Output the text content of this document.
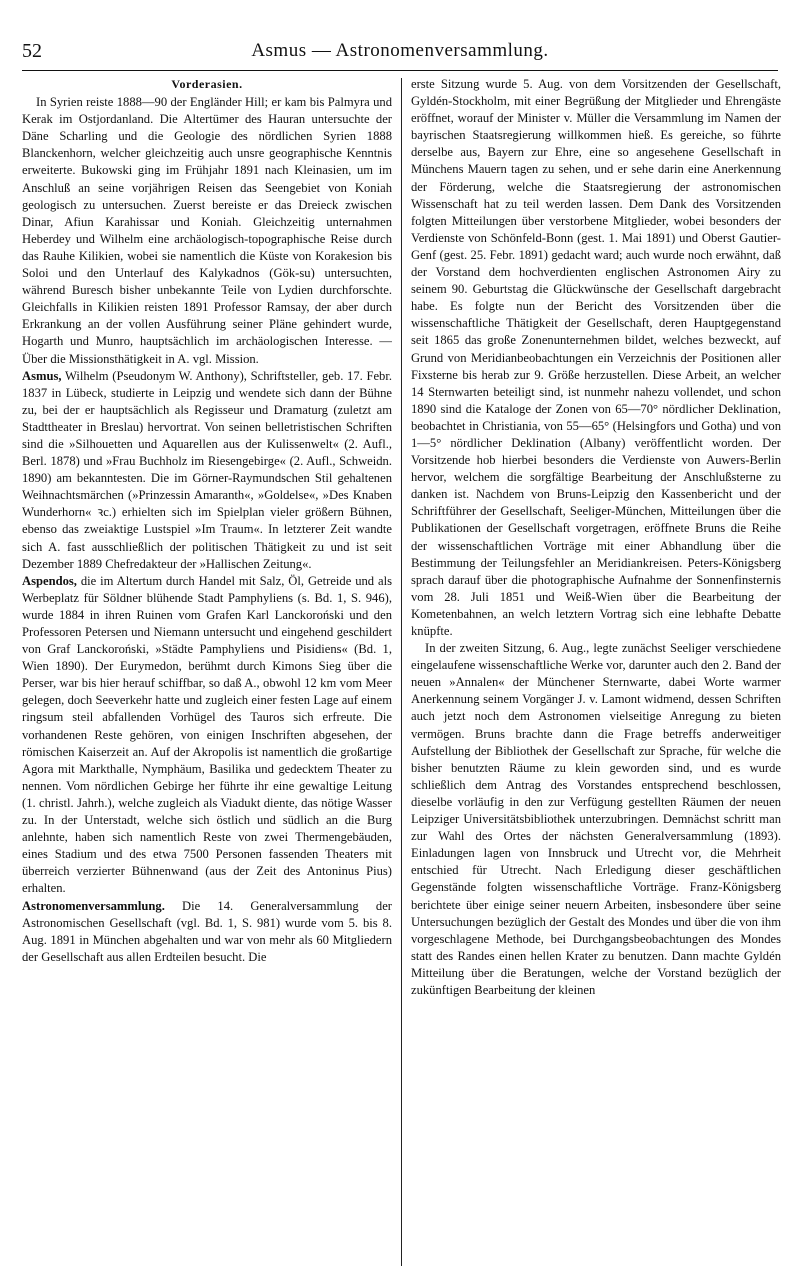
52	Asmus — Astronomenversammlung.
Vorderasien.

In Syrien reiste 1888—90 der Engländer Hill; er kam bis Palmyra und Kerak im Ostjordanland. Die Altertümer des Hauran untersuchte der Däne Scharling und die Geologie des nördlichen Syrien 1888 Blanckenhorn, welcher gleichzeitig auch unsre geographische Kenntnis erweiterte. Bukowski ging im Frühjahr 1891 nach Kleinasien, um im Anschluß an seine vorjährigen Reisen das Seengebiet von Koniah geologisch zu untersuchen. Zuerst bereiste er das Dreieck zwischen Dinar, Afiun Karahissar und Koniah. Gleichzeitig unternahmen Heberdey und Wilhelm eine archäologisch-topographische Reise durch das Rauhe Kilikien, wobei sie namentlich die Küste von Korakesion bis Soloi und den Unterlauf des Kalykadnos (Gök-su) untersuchten, während Buresch bisher unbekannte Teile von Lydien durchforschte. Gleichfalls in Kilikien reisten 1891 Professor Ramsay, der aber durch Erkrankung an der vollen Ausführung seiner Pläne gehindert wurde, Hogarth und Munro, hauptsächlich im archäologischen Interesse. — Über die Missionsthätigkeit in A. vgl. Mission.

Asmus, Wilhelm (Pseudonym W. Anthony), Schriftsteller, geb. 17. Febr. 1837 in Lübeck, studierte in Leipzig und wendete sich dann der Bühne zu, bei der er hauptsächlich als Regisseur und Dramaturg (zuletzt am Stadttheater in Breslau) hervortrat. Von seinen belletristischen Schriften sind die »Silhouetten und Aquarellen aus der Kulissenwelt« (2. Aufl., Berl. 1878) und »Frau Buchholz im Riesengebirge« (2. Aufl., Schweidn. 1890) am bekanntesten. Die im Görner-Raymundschen Stil gehaltenen Weihnachtsmärchen (»Prinzessin Amaranth«, »Goldelse«, »Des Knaben Wunderhorn« ꝛc.) erhielten sich im Spielplan vieler größern Bühnen, ebenso das zweiaktige Lustspiel »Im Traum«. In letzterer Zeit wandte sich A. fast ausschließlich der politischen Thätigkeit zu und ist seit Dezember 1889 Chefredakteur der »Hallischen Zeitung«.

Aspendos, die im Altertum durch Handel mit Salz, Öl, Getreide und als Werbeplatz für Söldner blühende Stadt Pamphyliens (s. Bd. 1, S. 946), wurde 1884 in ihren Ruinen vom Grafen Karl Lanckoroński und den Professoren Petersen und Niemann untersucht und eingehend geschildert von Graf Lanckoroński, »Städte Pamphyliens und Pisidiens« (Bd. 1, Wien 1890). Der Eurymedon, berühmt durch Kimons Sieg über die Perser, war bis hier herauf schiffbar, so daß A., obwohl 12 km vom Meer gelegen, doch Seeverkehr hatte und zugleich einer festen Lage auf einem ringsum steil abfallenden Vorhügel des Tauros sich erfreute. Die vorhandenen Reste gehören, von einigen Inschriften abgesehen, der römischen Kaiserzeit an. Auf der Akropolis ist namentlich die großartige Agora mit Markthalle, Nymphäum, Basilika und gedecktem Theater zu nennen. Vom nördlichen Gebirge her führte ihr eine gewaltige Leitung (1. christl. Jahrh.), welche zugleich als Viadukt diente, das nötige Wasser zu. In der Unterstadt, welche sich östlich und südlich an die Burg anlehnte, haben sich namentlich Reste von zwei Thermengebäuden, eines Stadium und des etwa 7500 Personen fassenden Theaters mit überreich verzierter Bühnenwand (aus der Zeit des Antoninus Pius) erhalten.

Astronomenversammlung. Die 14. Generalversammlung der Astronomischen Gesellschaft (vgl. Bd. 1, S. 981) wurde vom 5. bis 8. Aug. 1891 in München abgehalten und war von mehr als 60 Mitgliedern der Gesellschaft aus allen Erdteilen besucht. Die

erste Sitzung wurde 5. Aug. von dem Vorsitzenden der Gesellschaft, Gyldén-Stockholm, mit einer Begrüßung der Mitglieder und Ehrengäste eröffnet, worauf der Minister v. Müller die Versammlung im Namen der bayrischen Staatsregierung willkommen hieß. Es gereiche, so führte derselbe aus, Bayern zur Ehre, eine so angesehene Gesellschaft in Münchens Mauern tagen zu sehen, und er sehe darin eine Anerkennung der Förderung, welche die Staatsregierung der astronomischen Wissenschaft hat zu teil werden lassen. Dem Dank des Vorsitzenden folgten Mitteilungen über verstorbene Mitglieder, wobei besonders der Verdienste von Schönfeld-Bonn (gest. 1. Mai 1891) und Oberst Gautier-Genf (gest. 25. Febr. 1891) gedacht ward; auch wurde noch erwähnt, daß der Vorstand dem hochverdienten englischen Astronomen Airy zu seinem 90. Geburtstag die Glückwünsche der Gesellschaft dargebracht habe. Es folgte nun der Bericht des Vorsitzenden über die wissenschaftliche Thätigkeit der Gesellschaft, deren Hauptgegenstand seit 1865 das große Zonenunternehmen bildet, welches bezweckt, auf Grund von Meridianbeobachtungen ein Verzeichnis der Positionen aller Fixsterne bis herab zur 9. Größe herzustellen. Diese Arbeit, an welcher 14 Sternwarten beteiligt sind, ist nunmehr nahezu vollendet, und schon 1890 sind die Kataloge der Zonen von 65—70° nördlicher Deklination, beobachtet in Christiania, von 55—65° (Helsingfors und Gotha) und von 1—5° nördlicher Deklination (Albany) veröffentlicht worden. Der Vorsitzende hob hierbei besonders die Verdienste von Auwers-Berlin hervor, welchem die sorgfältige Bearbeitung der Anschlußsterne zu danken ist. Nachdem von Bruns-Leipzig den Kassenbericht und der Schriftführer der Gesellschaft, Seeliger-München, Mitteilungen über die Publikationen der Gesellschaft vorgetragen, eröffnete Bruns die Reihe der wissenschaftlichen Vorträge mit einer Abhandlung über die Bestimmung der Teilungsfehler an Meridiankreisen. Peters-Königsberg sprach darauf über die photographische Aufnahme der Sonnenfinsternis vom 28. Juli 1851 und Weiß-Wien über die Bearbeitung der Kometenbahnen, an welch letztern Vortrag sich eine lebhafte Debatte knüpfte.

In der zweiten Sitzung, 6. Aug., legte zunächst Seeliger verschiedene eingelaufene wissenschaftliche Werke vor, darunter auch den 2. Band der neuen »Annalen« der Münchener Sternwarte, dabei Worte warmer Anerkennung seinem Vorgänger J. v. Lamont widmend, dessen Schriften auch jetzt noch dem Astronomen vielseitige Anregung zu bieten vermögen. Bruns brachte dann die Frage betreffs anderweitiger Aufstellung der Bibliothek der Gesellschaft zur Sprache, für welche die bisher benutzten Räume zu klein geworden sind, und es wurde schließlich dem Antrag des Vorstandes entsprechend beschlossen, dieselbe vorläufig in den zur Verfügung gestellten Räumen der neuen Leipziger Universitätsbibliothek unterzubringen. Demnächst schritt man zur Wahl des Ortes der nächsten Generalversammlung (1893). Einladungen lagen von Innsbruck und Utrecht vor, die Mehrheit entschied für Utrecht. Nach Erledigung dieser geschäftlichen Gegenstände folgten wissenschaftliche Vorträge. Franz-Königsberg berichtete über einige seiner neuern Arbeiten, insbesondere über seine Untersuchungen bezüglich der Gestalt des Mondes und über die von ihm vorgeschlagene Methode, bei Durchgangsbeobachtungen des Mondes statt des Randes einen hellen Krater zu benutzen. Dann machte Gyldén Mitteilung über die Beratungen, welche der Vorstand bezüglich der zukünftigen Bearbeitung der kleinen
